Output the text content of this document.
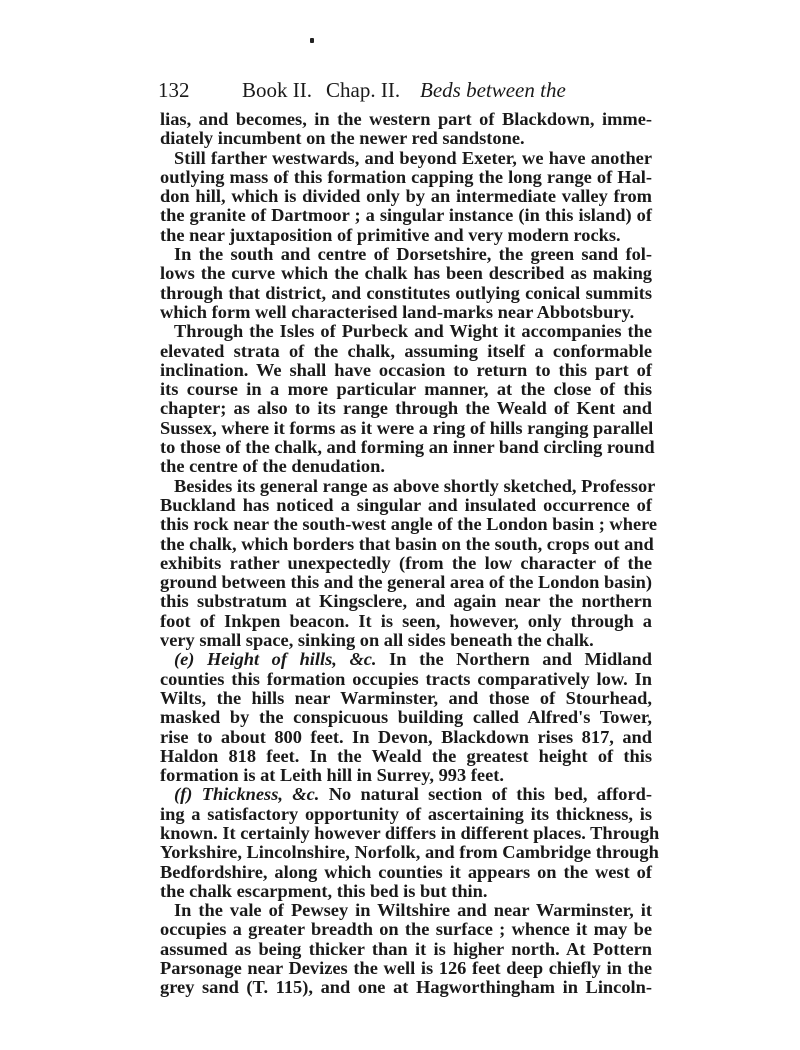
132	Book II. Chap. II. Beds between the
lias, and becomes, in the western part of Blackdown, imme-
diately incumbent on the newer red sandstone.
Still farther westwards, and beyond Exeter, we have another
outlying mass of this formation capping the long range of Hal-
don hill, which is divided only by an intermediate valley from
the granite of Dartmoor ; a singular instance (in this island) of
the near juxtaposition of primitive and very modern rocks.
In the south and centre of Dorsetshire, the green sand fol-
lows the curve which the chalk has been described as making
through that district, and constitutes outlying conical summits
which form well characterised land-marks near Abbotsbury.
Through the Isles of Purbeck and Wight it accompanies the
elevated strata of the chalk, assuming itself a conformable
inclination. We shall have occasion to return to this part of
its course in a more particular manner, at the close of this
chapter; as also to its range through the Weald of Kent and
Sussex, where it forms as it were a ring of hills ranging parallel
to those of the chalk, and forming an inner band circling round
the centre of the denudation.
Besides its general range as above shortly sketched, Professor
Buckland has noticed a singular and insulated occurrence of
this rock near the south-west angle of the London basin ; where
the chalk, which borders that basin on the south, crops out and
exhibits rather unexpectedly (from the low character of the
ground between this and the general area of the London basin)
this substratum at Kingsclere, and again near the northern
foot of Inkpen beacon. It is seen, however, only through a
very small space, sinking on all sides beneath the chalk.
(e) Height of hills, &c. In the Northern and Midland
counties this formation occupies tracts comparatively low. In
Wilts, the hills near Warminster, and those of Stourhead,
masked by the conspicuous building called Alfred's Tower,
rise to about 800 feet. In Devon, Blackdown rises 817, and
Haldon 818 feet. In the Weald the greatest height of this
formation is at Leith hill in Surrey, 993 feet.
(f) Thickness, &c. No natural section of this bed, afford-
ing a satisfactory opportunity of ascertaining its thickness, is
known. It certainly however differs in different places. Through
Yorkshire, Lincolnshire, Norfolk, and from Cambridge through
Bedfordshire, along which counties it appears on the west of
the chalk escarpment, this bed is but thin.
In the vale of Pewsey in Wiltshire and near Warminster, it
occupies a greater breadth on the surface ; whence it may be
assumed as being thicker than it is higher north. At Pottern
Parsonage near Devizes the well is 126 feet deep chiefly in the
grey sand (T. 115), and one at Hagworthingham in Lincoln-
